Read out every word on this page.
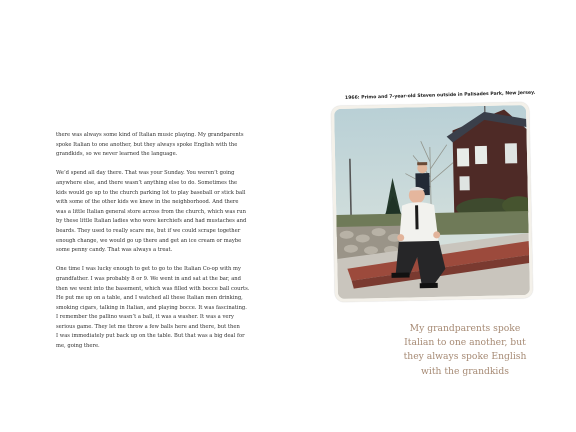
there was always some kind of Italian music playing. My grandparents
spoke Italian to one another, but they always spoke English with the
grandkids, so we never learned the language.

We’d spend all day there. That was your Sunday. You weren’t going
anywhere else, and there wasn’t anything else to do. Sometimes the
kids would go up to the church parking lot to play baseball or stick ball
with some of the other kids we knew in the neighborhood. And there
was a little Italian general store across from the church, which was run
by these little Italian ladies who wore kerchiefs and had mustaches and
beards. They used to really scare me, but if we could scrape together
enough change, we would go up there and get an ice cream or maybe
some penny candy. That was always a treat.

One time I was lucky enough to get to go to the Italian Co-op with my
grandfather. I was probably 8 or 9. We went in and sat at the bar, and
then we went into the basement, which was filled with bocce ball courts.
He put me up on a table, and I watched all these Italian men drinking,
smoking cigars, talking in Italian, and playing bocce. It was fascinating.
I remember the pallino wasn’t a ball, it was a washer. It was a very
serious game. They let me throw a few balls here and there, but then
I was immediately put back up on the table. But that was a big deal for
me, going there.

1966: Primo and 7-year-old Steven outside in Palisades Park, New Jersey.
My grandparents spoke
Italian to one another, but
they always spoke English
with the grandkids
